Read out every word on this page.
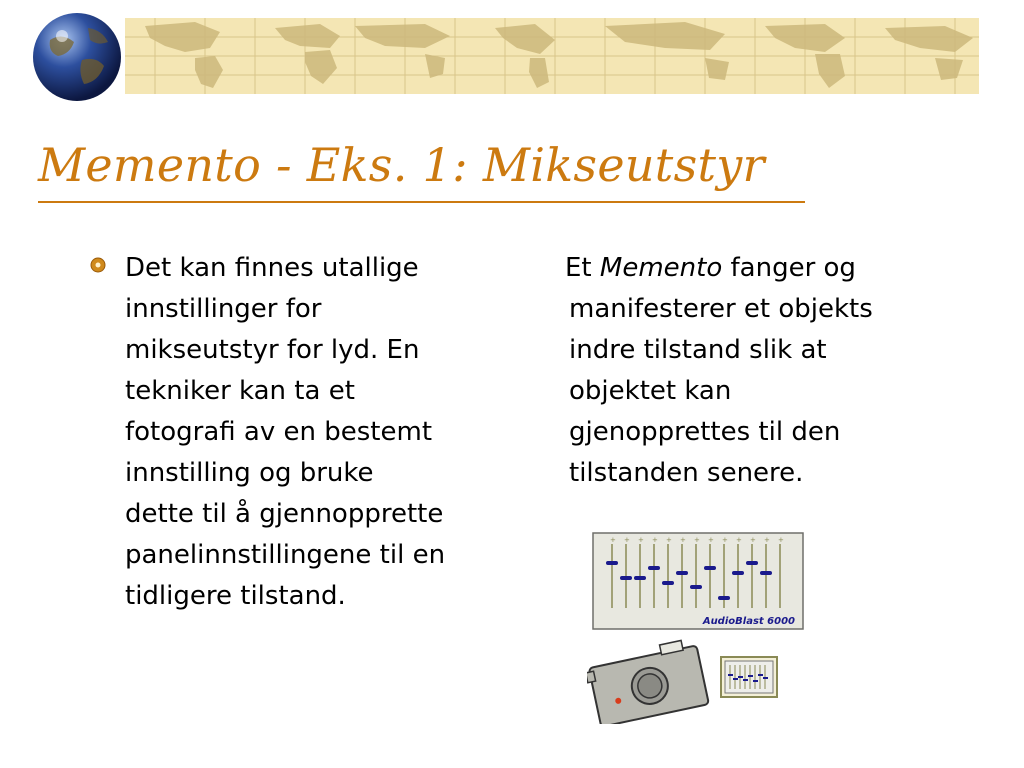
Memento - Eks. 1: Mikseutstyr
Det kan finnes utallige
innstillinger for
mikseutstyr for lyd. En
tekniker kan ta et
fotografi av en bestemt
innstilling og bruke
dette til å gjennopprette
panelinnstillingene til en
tidligere tilstand.
Et Memento fanger og
manifesterer et objekts
indre tilstand slik at
objektet kan
gjenopprettes til den
tilstanden senere.
+ + + + + + + + + + + + +
AudioBlast 6000
